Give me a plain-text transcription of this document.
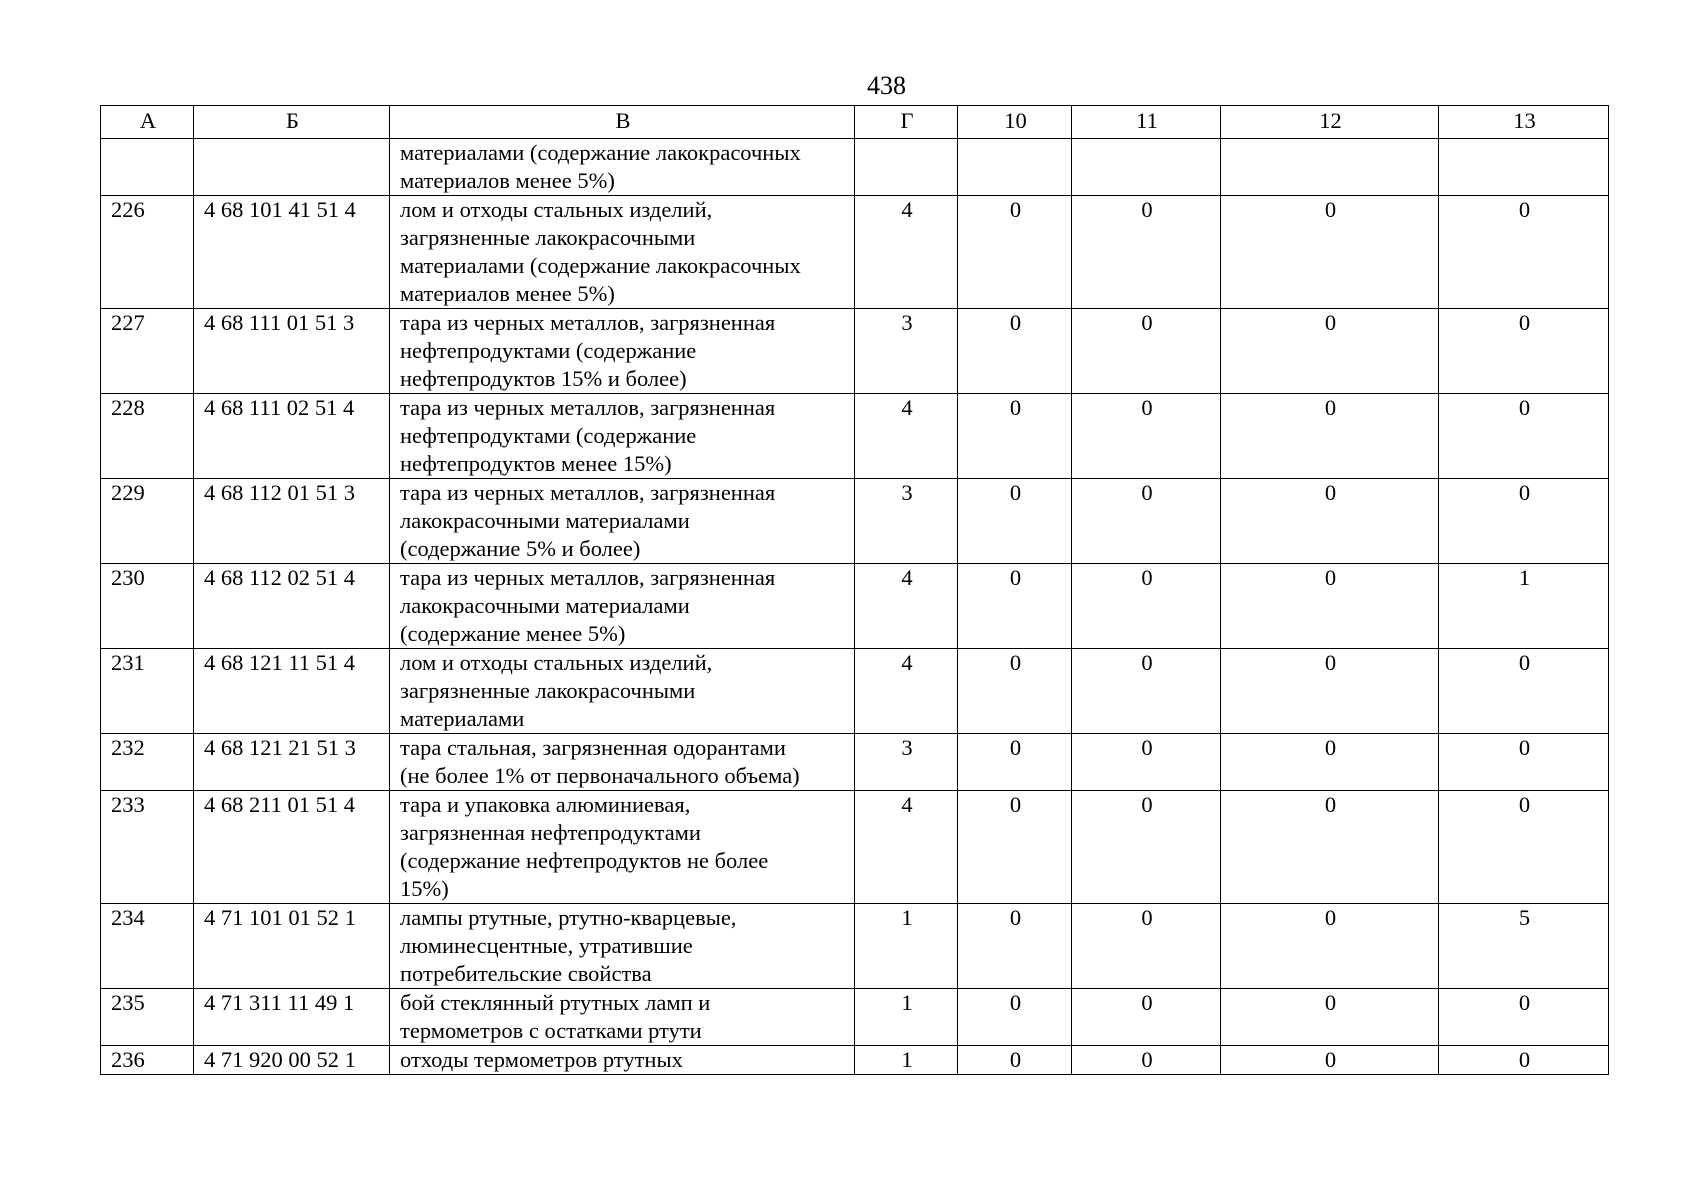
438
А	Б	В	Г	10	11	12	13
		материалами (содержание лакокрасочных
материалов менее 5%)					
226	4 68 101 41 51 4	лом и отходы стальных изделий,
загрязненные лакокрасочными
материалами (содержание лакокрасочных
материалов менее 5%)	4	0	0	0	0
227	4 68 111 01 51 3	тара из черных металлов, загрязненная
нефтепродуктами (содержание
нефтепродуктов 15% и более)	3	0	0	0	0
228	4 68 111 02 51 4	тара из черных металлов, загрязненная
нефтепродуктами (содержание
нефтепродуктов менее 15%)	4	0	0	0	0
229	4 68 112 01 51 3	тара из черных металлов, загрязненная
лакокрасочными материалами
(содержание 5% и более)	3	0	0	0	0
230	4 68 112 02 51 4	тара из черных металлов, загрязненная
лакокрасочными материалами
(содержание менее 5%)	4	0	0	0	1
231	4 68 121 11 51 4	лом и отходы стальных изделий,
загрязненные лакокрасочными
материалами	4	0	0	0	0
232	4 68 121 21 51 3	тара стальная, загрязненная одорантами
(не более 1% от первоначального объема)	3	0	0	0	0
233	4 68 211 01 51 4	тара и упаковка алюминиевая,
загрязненная нефтепродуктами
(содержание нефтепродуктов не более
15%)	4	0	0	0	0
234	4 71 101 01 52 1	лампы ртутные, ртутно-кварцевые,
люминесцентные, утратившие
потребительские свойства	1	0	0	0	5
235	4 71 311 11 49 1	бой стеклянный ртутных ламп и
термометров с остатками ртути	1	0	0	0	0
236	4 71 920 00 52 1	отходы термометров ртутных	1	0	0	0	0
